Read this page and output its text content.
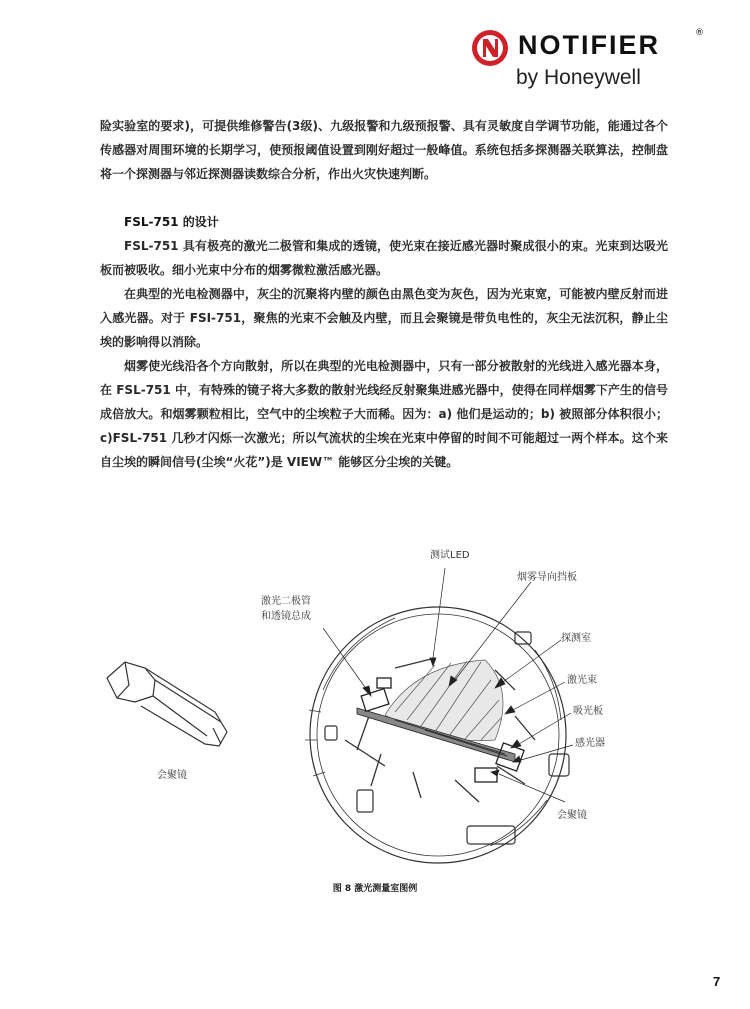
NOTIFIER	®
by Honeywell

险实验室的要求)，可提供维修警告(3级)、九级报警和九级预报警、具有灵敏度自学调节功能，能通过各个传感器对周围环境的长期学习，使预报阈值设置到刚好超过一般峰值。系统包括多探测器关联算法，控制盘将一个探测器与邻近探测器读数综合分析，作出火灾快速判断。

FSL-751 的设计

FSL-751 具有极亮的激光二极管和集成的透镜，使光束在接近感光器时聚成很小的束。光束到达吸光板而被吸收。细小光束中分布的烟雾微粒激活感光器。

在典型的光电检测器中，灰尘的沉聚将内壁的颜色由黑色变为灰色，因为光束宽，可能被内壁反射而进入感光器。对于 FSI-751，聚焦的光束不会触及内壁，而且会聚镜是带负电性的，灰尘无法沉积，静止尘埃的影响得以消除。

烟雾使光线沿各个方向散射，所以在典型的光电检测器中，只有一部分被散射的光线进入感光器本身，在 FSL-751 中，有特殊的镜子将大多数的散射光线经反射聚集进感光器中，使得在同样烟雾下产生的信号成倍放大。和烟雾颗粒相比，空气中的尘埃粒子大而稀。因为：a) 他们是运动的；b) 被照部分体积很小；c)FSL-751 几秒才闪烁一次激光；所以气流状的尘埃在光束中停留的时间不可能超过一两个样本。这个来自尘埃的瞬间信号(尘埃“火花”)是 VIEW™ 能够区分尘埃的关键。

测试LED
烟雾导向挡板
激光二极管
和透镜总成
探测室
激光束
吸光板
感光器
会聚镜
会聚镜
图 8 激光测量室图例
7
